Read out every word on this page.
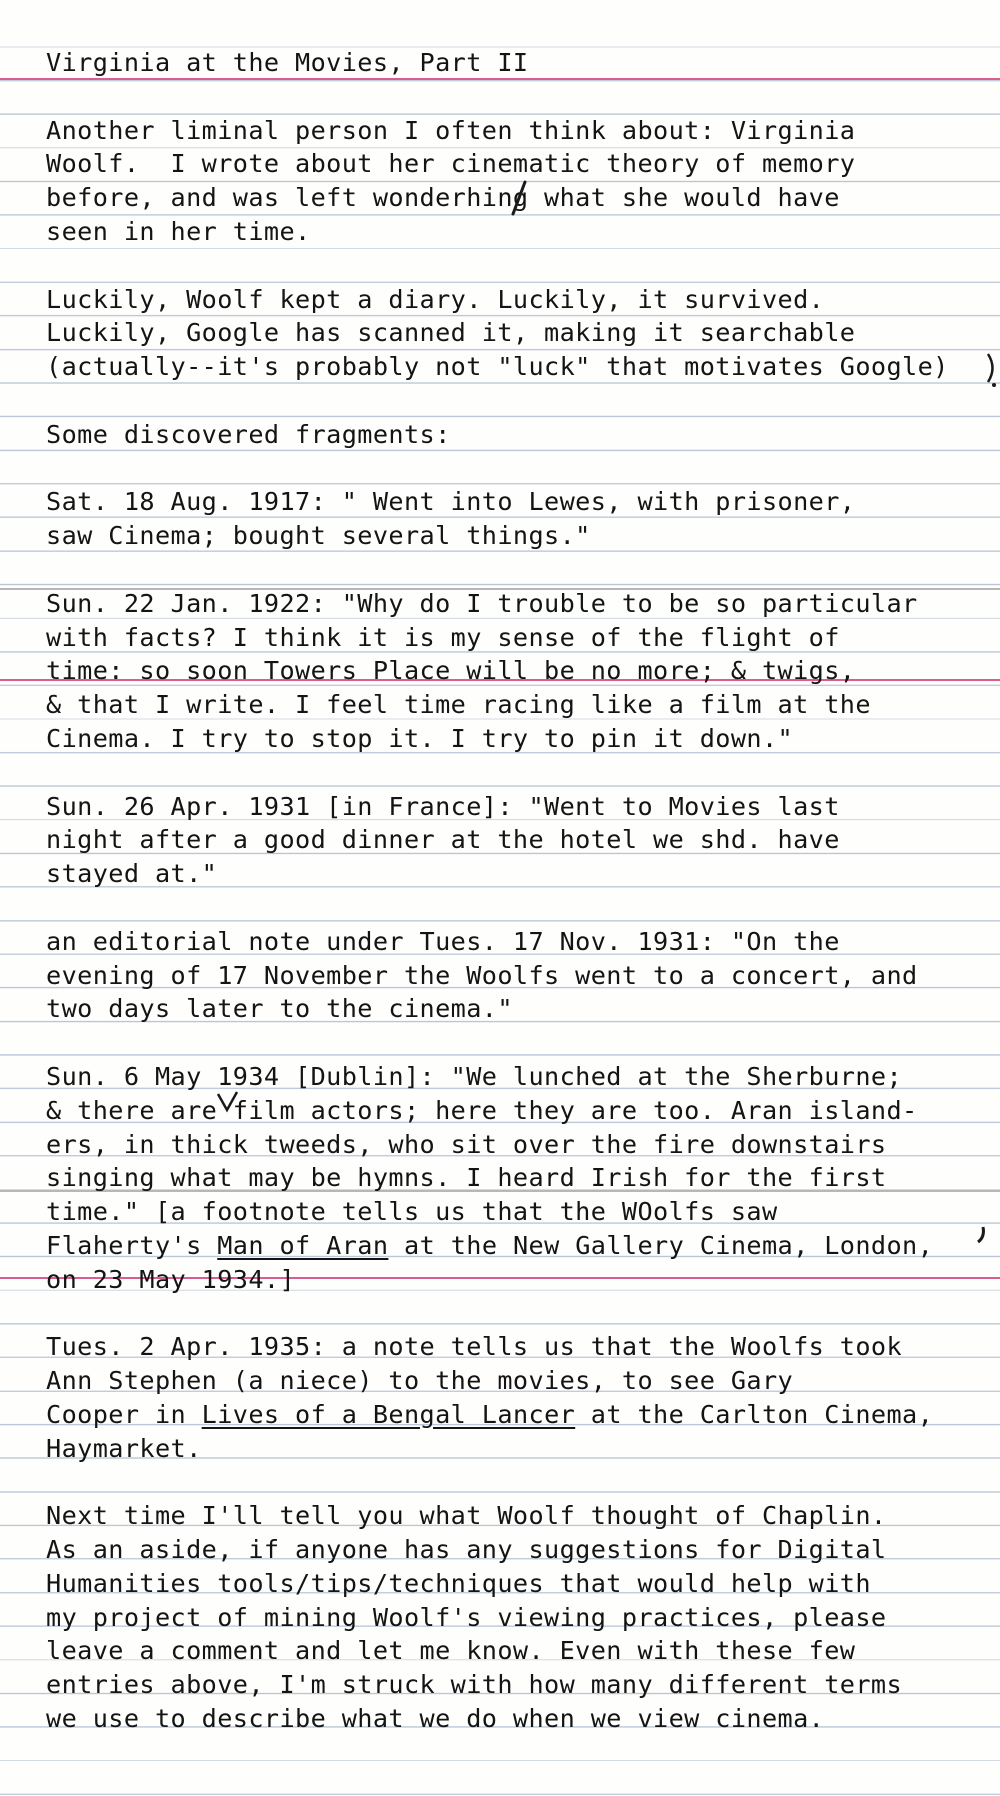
Virginia at the Movies, Part II
Another liminal person I often think about: Virginia
Woolf.  I wrote about her cinematic theory of memory
before, and was left wonderhing what she would have
seen in her time.
Luckily, Woolf kept a diary. Luckily, it survived.
Luckily, Google has scanned it, making it searchable
(actually--it's probably not "luck" that motivates Google)
Some discovered fragments:
Sat. 18 Aug. 1917: " Went into Lewes, with prisoner,
saw Cinema; bought several things."
Sun. 22 Jan. 1922: "Why do I trouble to be so particular
with facts? I think it is my sense of the flight of
time: so soon Towers Place will be no more; & twigs,
& that I write. I feel time racing like a film at the
Cinema. I try to stop it. I try to pin it down."
Sun. 26 Apr. 1931 [in France]: "Went to Movies last
night after a good dinner at the hotel we shd. have
stayed at."
an editorial note under Tues. 17 Nov. 1931: "On the
evening of 17 November the Woolfs went to a concert, and
two days later to the cinema."
Sun. 6 May 1934 [Dublin]: "We lunched at the Sherburne;
& there are film actors; here they are too. Aran island-
ers, in thick tweeds, who sit over the fire downstairs
singing what may be hymns. I heard Irish for the first
time." [a footnote tells us that the WOolfs saw
Flaherty's Man of Aran at the New Gallery Cinema, London,
on 23 May 1934.]
Tues. 2 Apr. 1935: a note tells us that the Woolfs took
Ann Stephen (a niece) to the movies, to see Gary
Cooper in Lives of a Bengal Lancer at the Carlton Cinema,
Haymarket.
Next time I'll tell you what Woolf thought of Chaplin.
As an aside, if anyone has any suggestions for Digital
Humanities tools/tips/techniques that would help with
my project of mining Woolf's viewing practices, please
leave a comment and let me know. Even with these few
entries above, I'm struck with how many different terms
we use to describe what we do when we view cinema.
